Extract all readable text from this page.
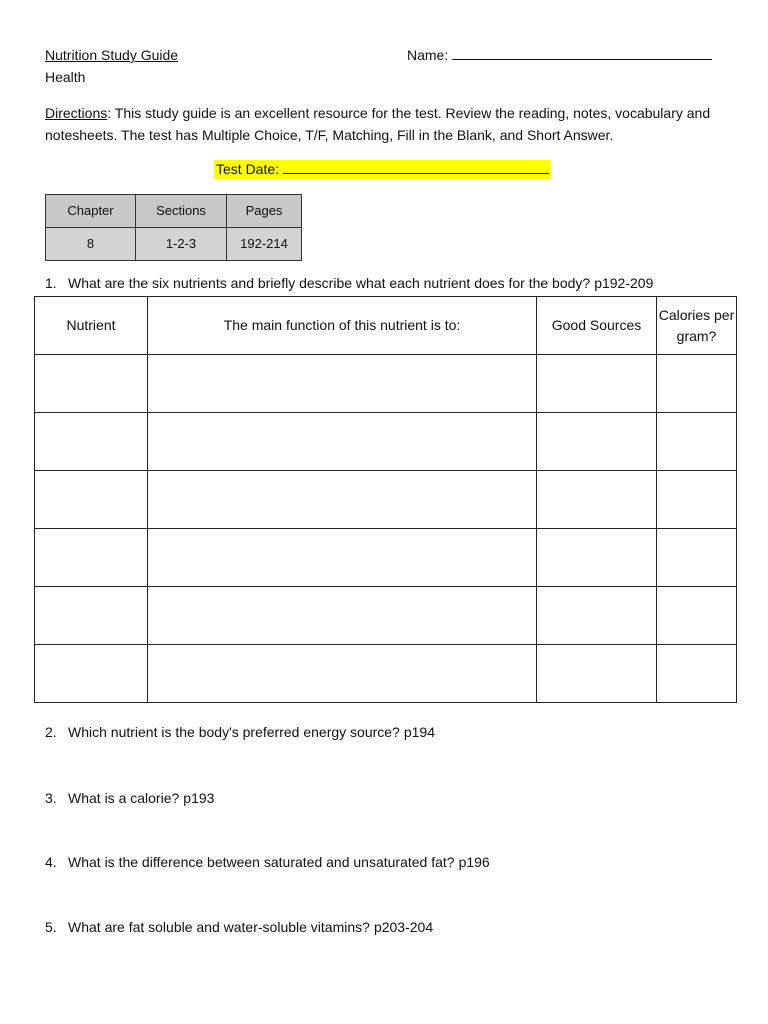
Nutrition Study Guide
Health
Name:
Directions: This study guide is an excellent resource for the test. Review the reading, notes, vocabulary and
notesheets. The test has Multiple Choice, T/F, Matching, Fill in the Blank, and Short Answer.
Test Date:
Chapter	Sections	Pages
8	1-2-3	192-214
1. What are the six nutrients and briefly describe what each nutrient does for the body? p192-209
Nutrient	The main function of this nutrient is to:	Good Sources	Calories per gram?

2. Which nutrient is the body's preferred energy source? p194
3. What is a calorie? p193
4. What is the difference between saturated and unsaturated fat? p196
5. What are fat soluble and water-soluble vitamins? p203-204
